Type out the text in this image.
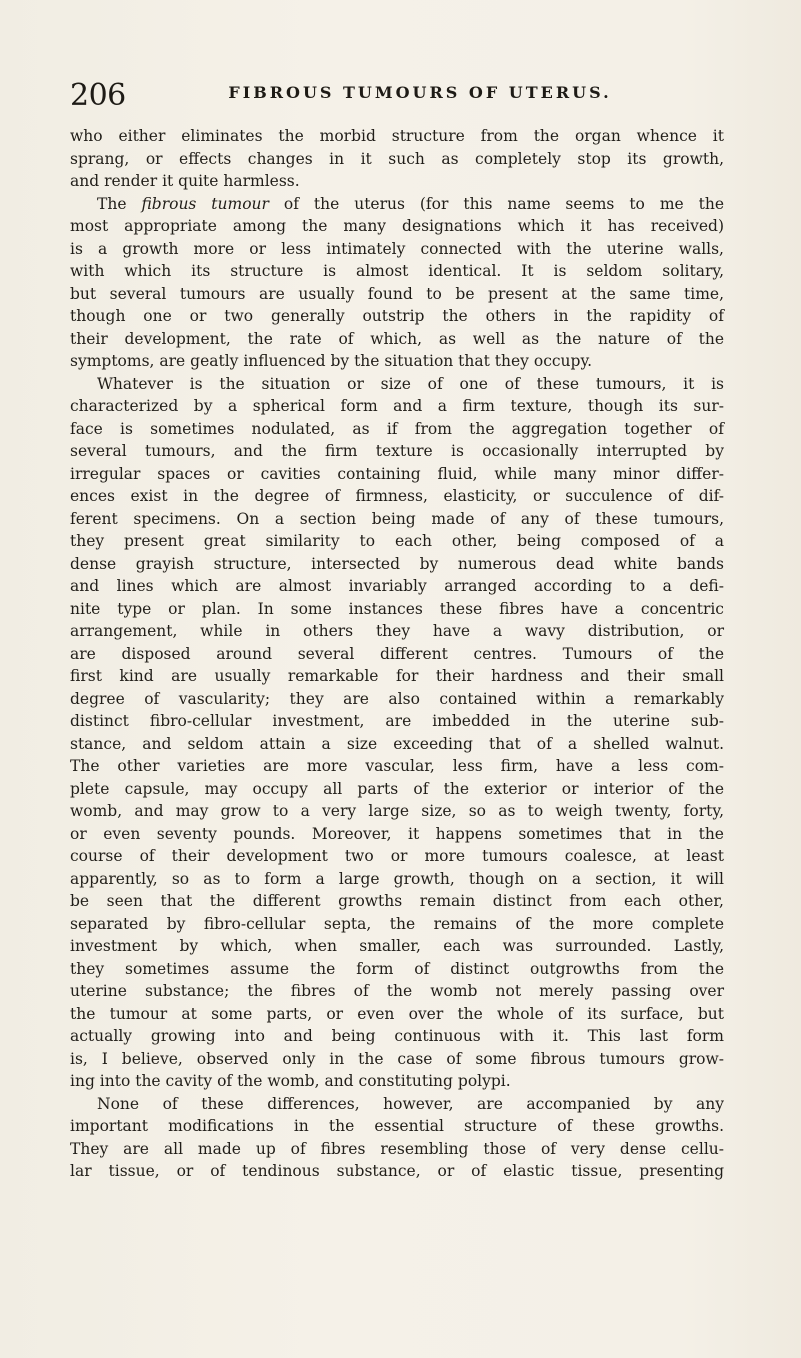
206	FIBROUS TUMOURS OF UTERUS.
who either eliminates the morbid structure from the organ whence it
sprang, or effects changes in it such as completely stop its growth,
and render it quite harmless.
The fibrous tumour of the uterus (for this name seems to me the
most appropriate among the many designations which it has received)
is a growth more or less intimately connected with the uterine walls,
with which its structure is almost identical. It is seldom solitary,
but several tumours are usually found to be present at the same time,
though one or two generally outstrip the others in the rapidity of
their development, the rate of which, as well as the nature of the
symptoms, are geatly influenced by the situation that they occupy.
Whatever is the situation or size of one of these tumours, it is
characterized by a spherical form and a firm texture, though its sur-
face is sometimes nodulated, as if from the aggregation together of
several tumours, and the firm texture is occasionally interrupted by
irregular spaces or cavities containing fluid, while many minor differ-
ences exist in the degree of firmness, elasticity, or succulence of dif-
ferent specimens. On a section being made of any of these tumours,
they present great similarity to each other, being composed of a
dense grayish structure, intersected by numerous dead white bands
and lines which are almost invariably arranged according to a defi-
nite type or plan. In some instances these fibres have a concentric
arrangement, while in others they have a wavy distribution, or
are disposed around several different centres. Tumours of the
first kind are usually remarkable for their hardness and their small
degree of vascularity; they are also contained within a remarkably
distinct fibro-cellular investment, are imbedded in the uterine sub-
stance, and seldom attain a size exceeding that of a shelled walnut.
The other varieties are more vascular, less firm, have a less com-
plete capsule, may occupy all parts of the exterior or interior of the
womb, and may grow to a very large size, so as to weigh twenty, forty,
or even seventy pounds. Moreover, it happens sometimes that in the
course of their development two or more tumours coalesce, at least
apparently, so as to form a large growth, though on a section, it will
be seen that the different growths remain distinct from each other,
separated by fibro-cellular septa, the remains of the more complete
investment by which, when smaller, each was surrounded. Lastly,
they sometimes assume the form of distinct outgrowths from the
uterine substance; the fibres of the womb not merely passing over
the tumour at some parts, or even over the whole of its surface, but
actually growing into and being continuous with it. This last form
is, I believe, observed only in the case of some fibrous tumours grow-
ing into the cavity of the womb, and constituting polypi.
None of these differences, however, are accompanied by any
important modifications in the essential structure of these growths.
They are all made up of fibres resembling those of very dense cellu-
lar tissue, or of tendinous substance, or of elastic tissue, presenting
